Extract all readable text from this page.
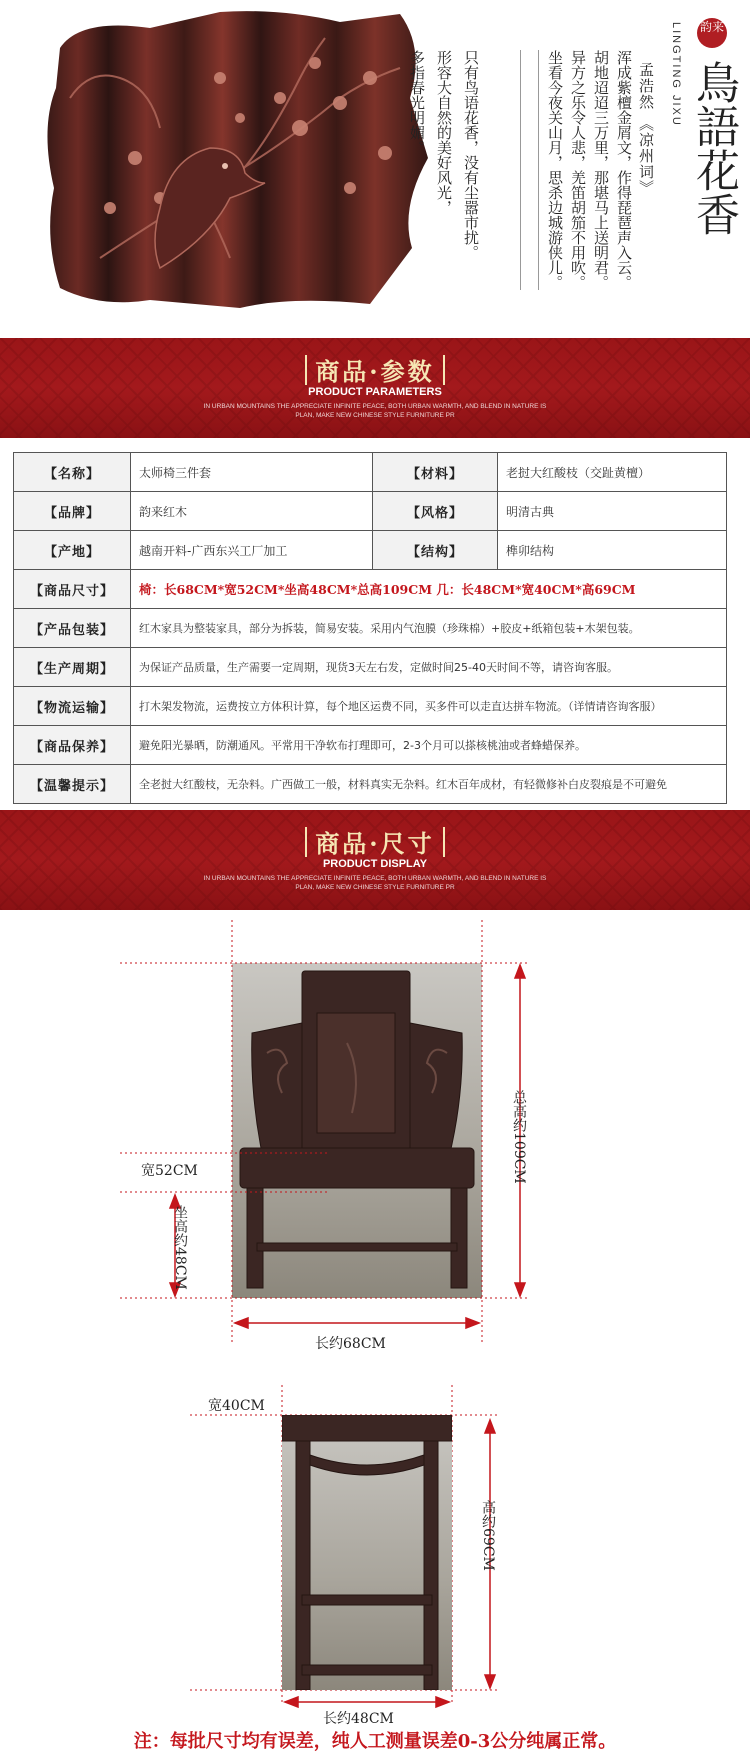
多指春光明媚。 形容大自然的美好风光， 只有鸟语花香，没有尘嚣市扰。	坐看今夜关山月，思杀边城游侠儿。 异方之乐令人悲，羌笛胡笳不用吹。 胡地迢迢三万里，那堪马上送明君。 浑成紫檀金屑文，作得琵琶声入云。 孟浩然 《凉州词》	LINGTING JIXU 韵来
鳥語花香
商品·参数
PRODUCT PARAMETERS
IN URBAN MOUNTAINS THE APPRECIATE INFINITE PEACE, BOTH URBAN WARMTH, AND BLEND IN NATURE IS
PLAN, MAKE NEW CHINESE STYLE FURNITURE PR
【名称】	太师椅三件套	【材料】	老挝大红酸枝（交趾黄檀）
【品牌】	韵来红木	【风格】	明清古典
【产地】	越南开料-广西东兴工厂加工	【结构】	榫卯结构
【商品尺寸】	椅：长68CM*宽52CM*坐高48CM*总高109CM 几：长48CM*宽40CM*高69CM		
【产品包装】	红木家具为整装家具，部分为拆装，简易安装。采用内气泡膜（珍珠棉）+胶皮+纸箱包装+木架包装。		
【生产周期】	为保证产品质量，生产需要一定周期，现货3天左右发，定做时间25-40天时间不等，请咨询客服。		
【物流运输】	打木架发物流，运费按立方体积计算，每个地区运费不同，买多件可以走直达拼车物流。（详情请咨询客服）		
【商品保养】	避免阳光暴晒，防潮通风。平常用干净软布打理即可，2-3个月可以搽核桃油或者蜂蜡保养。		
【温馨提示】	全老挝大红酸枝，无杂料。广西做工一般，材料真实无杂料。红木百年成材，有轻微修补白皮裂痕是不可避免		
商品·尺寸
PRODUCT DISPLAY
IN URBAN MOUNTAINS THE APPRECIATE INFINITE PEACE, BOTH URBAN WARMTH, AND BLEND IN NATURE IS
PLAN, MAKE NEW CHINESE STYLE FURNITURE PR
宽52CM
坐高约48CM
总高约109CM
长约68CM
宽40CM
高约69CM
长约48CM
注：每批尺寸均有误差，纯人工测量误差0-3公分纯属正常。
